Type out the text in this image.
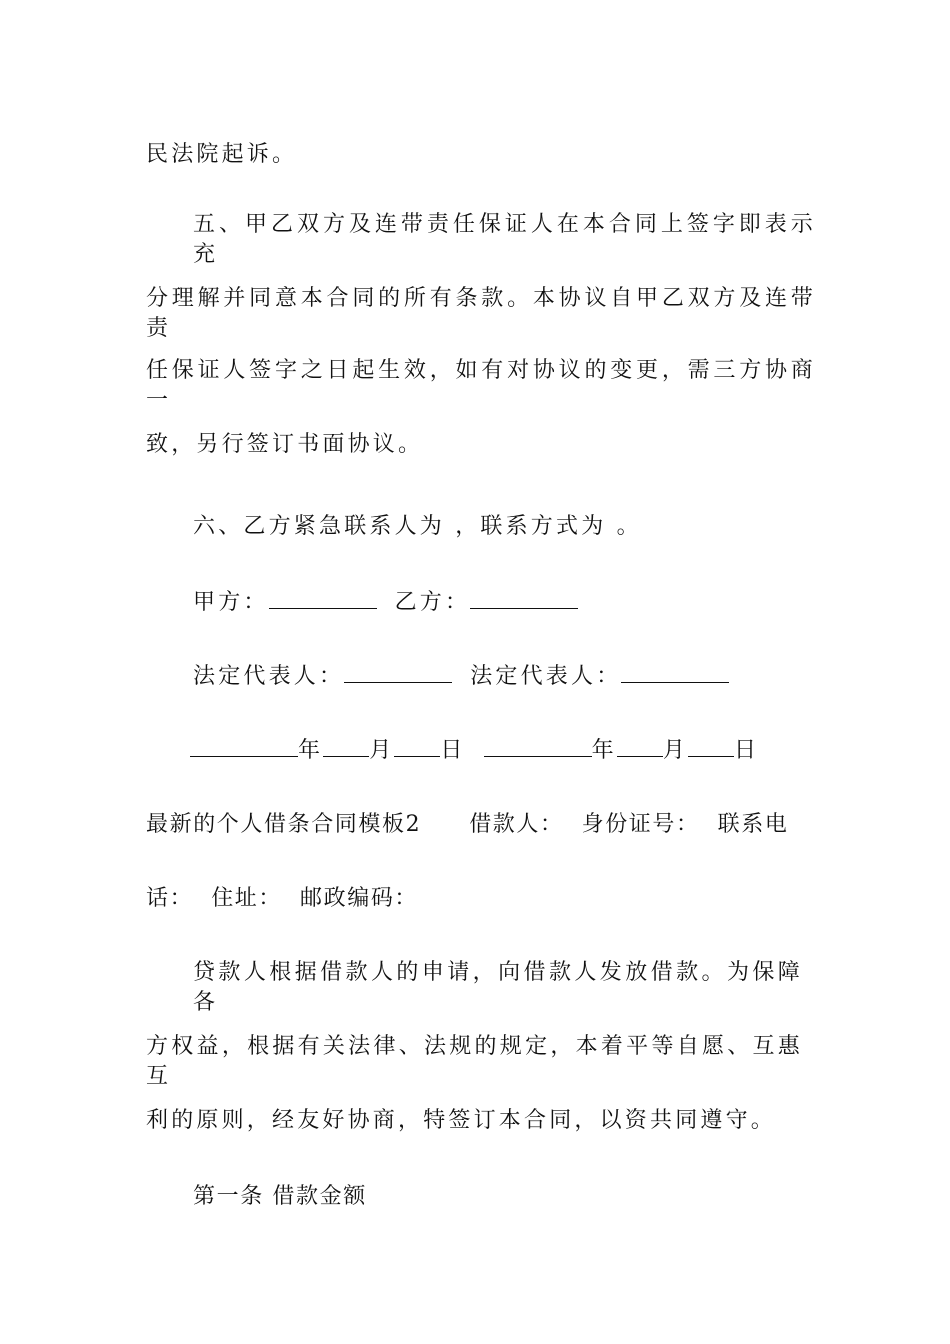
民法院起诉。
五、甲乙双方及连带责任保证人在本合同上签字即表示充
分理解并同意本合同的所有条款。本协议自甲乙双方及连带责
任保证人签字之日起生效，如有对协议的变更，需三方协商一
致，另行签订书面协议。
六、乙方紧急联系人为 ，联系方式为 。
甲方：	乙方：
法定代表人：	法定代表人：
年 月 日	年 月 日
最新的个人借条合同模板2 借款人： 身份证号： 联系电
话： 住址： 邮政编码：
贷款人根据借款人的申请，向借款人发放借款。为保障各
方权益，根据有关法律、法规的规定，本着平等自愿、互惠互
利的原则，经友好协商，特签订本合同，以资共同遵守。
第一条 借款金额
